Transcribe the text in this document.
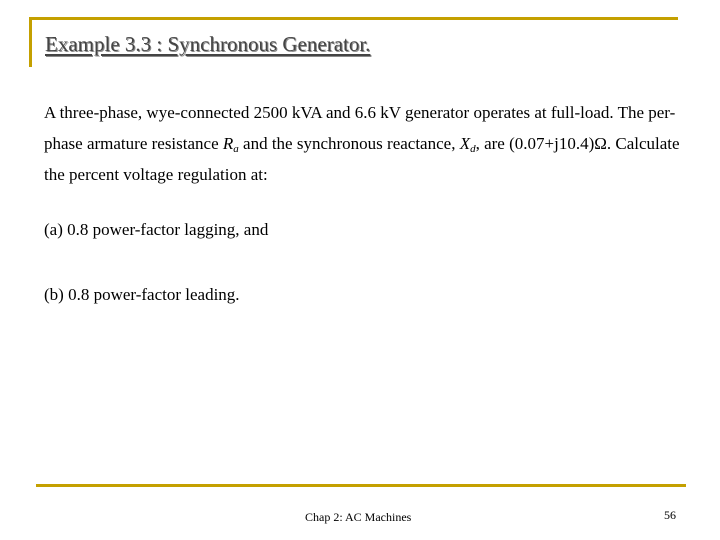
Example 3.3 : Synchronous Generator.
A three-phase, wye-connected 2500 kVA and 6.6 kV generator operates at full-load. The per-phase armature resistance $R_a$ and the synchronous reactance, $X_d$, are (0.07+j10.4)Ω. Calculate the percent voltage regulation at:
(a) 0.8 power-factor lagging, and
(b) 0.8 power-factor leading.
Chap 2: AC Machines	56
